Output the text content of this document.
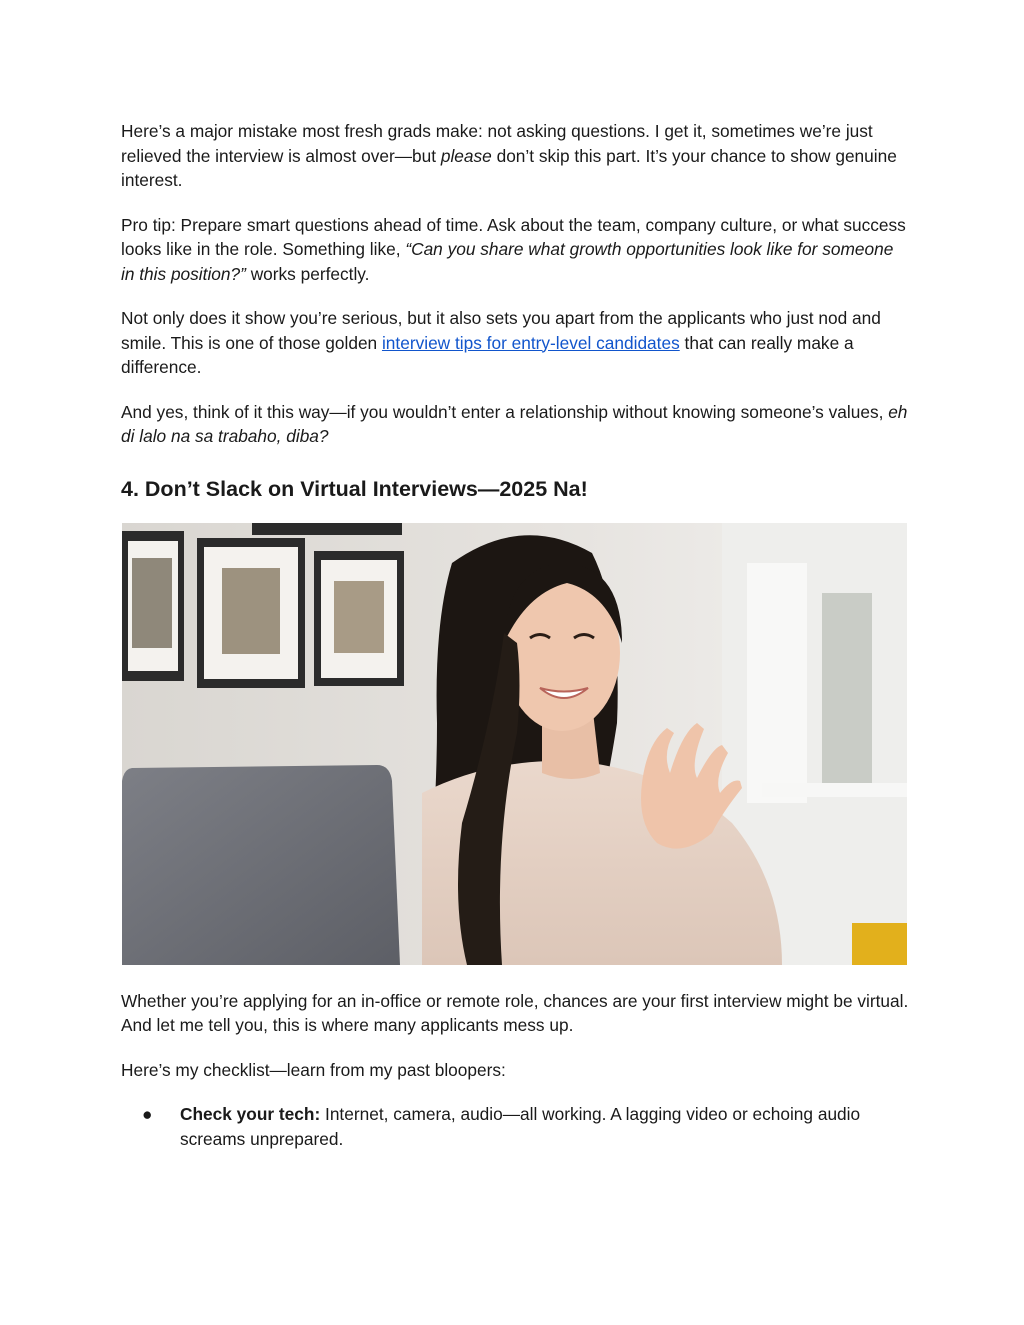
Here’s a major mistake most fresh grads make: not asking questions. I get it, sometimes we’re just relieved the interview is almost over—but please don’t skip this part. It’s your chance to show genuine interest.

Pro tip: Prepare smart questions ahead of time. Ask about the team, company culture, or what success looks like in the role. Something like, “Can you share what growth opportunities look like for someone in this position?” works perfectly.

Not only does it show you’re serious, but it also sets you apart from the applicants who just nod and smile. This is one of those golden interview tips for entry-level candidates that can really make a difference.

And yes, think of it this way—if you wouldn’t enter a relationship without knowing someone’s values, eh di lalo na sa trabaho, diba?

4. Don’t Slack on Virtual Interviews—2025 Na!

Whether you’re applying for an in-office or remote role, chances are your first interview might be virtual. And let me tell you, this is where many applicants mess up.

Here’s my checklist—learn from my past bloopers:

● Check your tech: Internet, camera, audio—all working. A lagging video or echoing audio screams unprepared.
